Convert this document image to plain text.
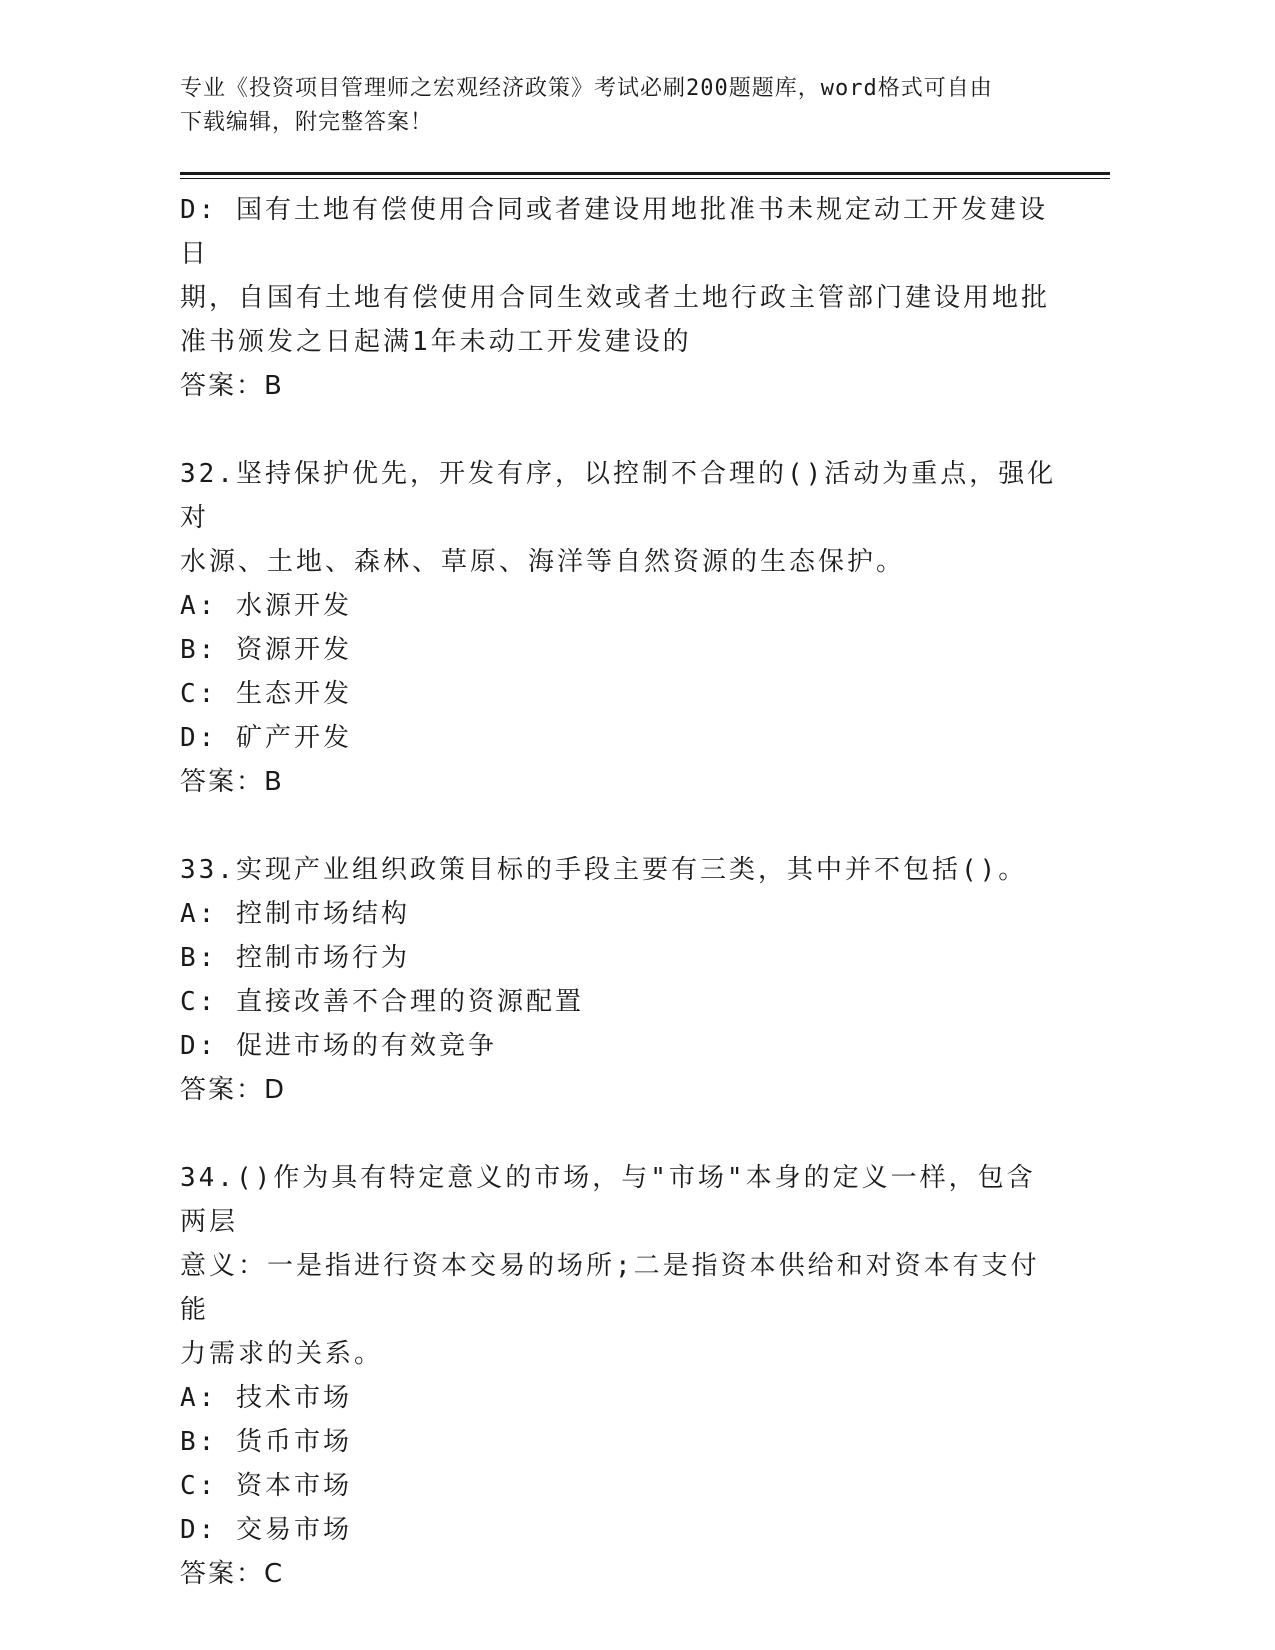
专业《投资项目管理师之宏观经济政策》考试必刷200题题库，word格式可自由
下载编辑，附完整答案！

D: 国有土地有偿使用合同或者建设用地批准书未规定动工开发建设日

期，自国有土地有偿使用合同生效或者土地行政主管部门建设用地批

准书颁发之日起满1年未动工开发建设的

答案：B

32.坚持保护优先，开发有序，以控制不合理的()活动为重点，强化对

水源、土地、森林、草原、海洋等自然资源的生态保护。

A: 水源开发

B: 资源开发

C: 生态开发

D: 矿产开发

答案：B

33.实现产业组织政策目标的手段主要有三类，其中并不包括()。

A: 控制市场结构

B: 控制市场行为

C: 直接改善不合理的资源配置

D: 促进市场的有效竞争

答案：D

34.()作为具有特定意义的市场，与"市场"本身的定义一样，包含两层

意义：一是指进行资本交易的场所;二是指资本供给和对资本有支付能

力需求的关系。

A: 技术市场

B: 货币市场

C: 资本市场

D: 交易市场

答案：C
